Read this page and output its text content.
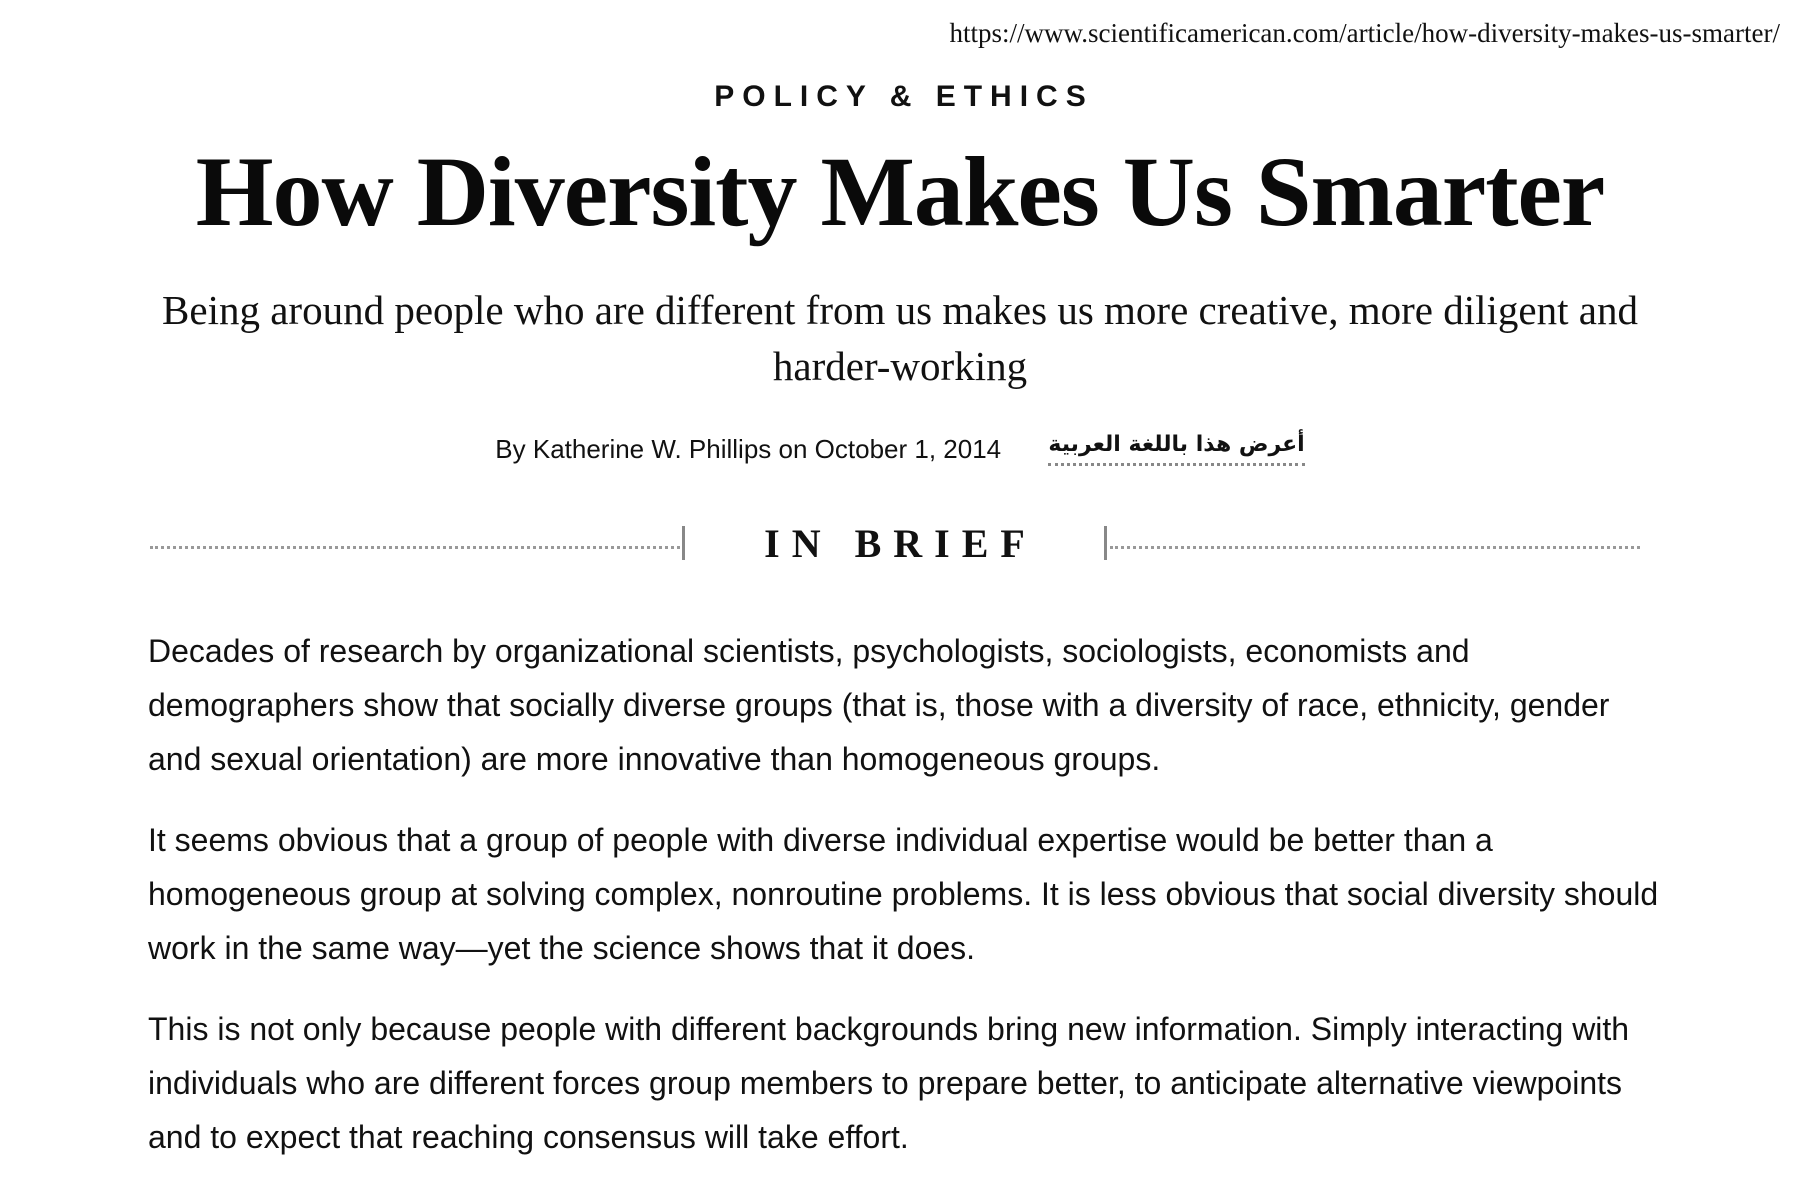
https://www.scientificamerican.com/article/how-diversity-makes-us-smarter/
POLICY & ETHICS
How Diversity Makes Us Smarter

Being around people who are different from us makes us more creative, more diligent and harder-working

By Katherine W. Phillips on October 1, 2014 أعرض هذا باللغة العربية
IN BRIEF

Decades of research by organizational scientists, psychologists, sociologists, economists and demographers show that socially diverse groups (that is, those with a diversity of race, ethnicity, gender and sexual orientation) are more innovative than homogeneous groups.

It seems obvious that a group of people with diverse individual expertise would be better than a homogeneous group at solving complex, nonroutine problems. It is less obvious that social diversity should work in the same way—yet the science shows that it does.

This is not only because people with different backgrounds bring new information. Simply interacting with individuals who are different forces group members to prepare better, to anticipate alternative viewpoints and to expect that reaching consensus will take effort.
